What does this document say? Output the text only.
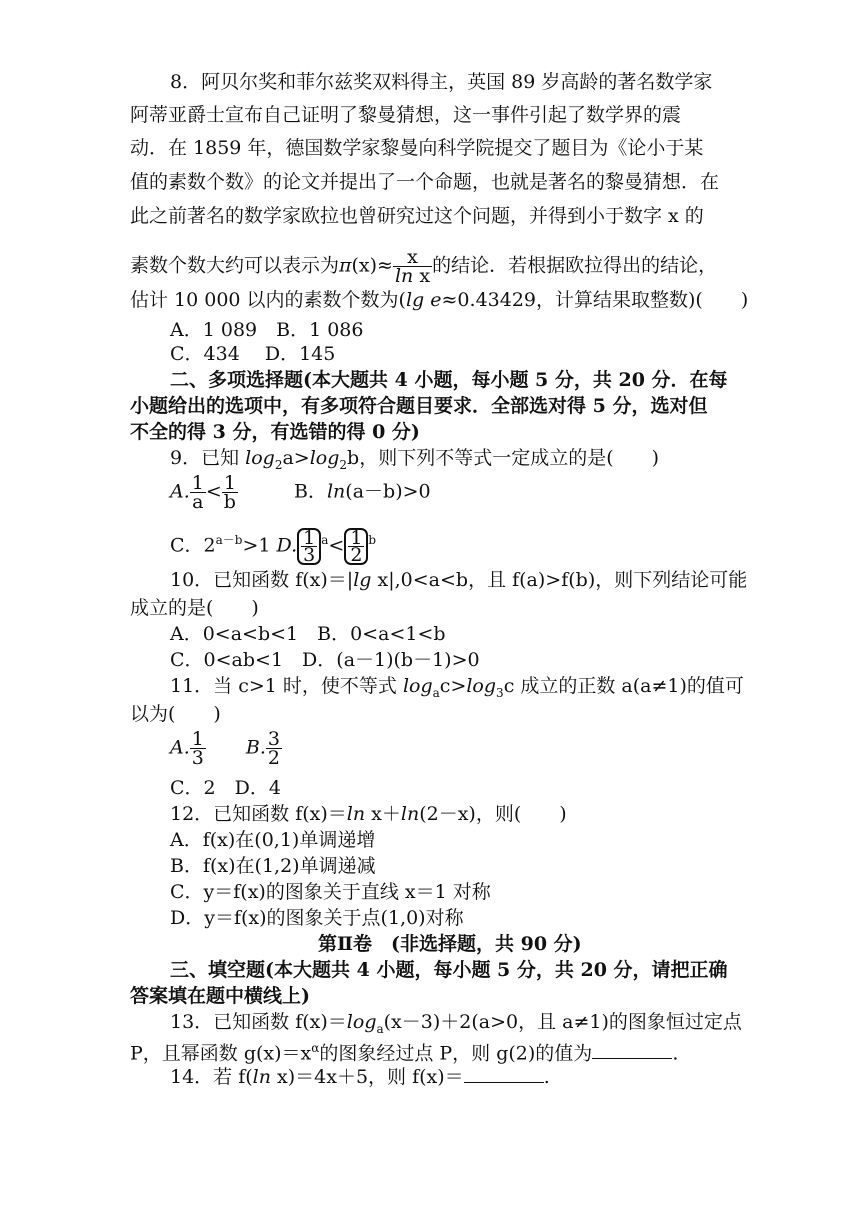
8．阿贝尔奖和菲尔兹奖双料得主，英国 89 岁高龄的著名数学家
阿蒂亚爵士宣布自己证明了黎曼猜想，这一事件引起了数学界的震
动．在 1859 年，德国数学家黎曼向科学院提交了题目为《论小于某
值的素数个数》的论文并提出了一个命题，也就是著名的黎曼猜想．在
此之前著名的数学家欧拉也曾研究过这个问题，并得到小于数字 x 的
素数个数大约可以表示为$\pi(x)\approx \frac{x}{\text{ln x}}$ 的结论．若根据欧拉得出的结论，
估计 10 000 以内的素数个数为(lg e≈0.43429，计算结果取整数)(　　)
A．1 089　B．1 086
C．434　 D．145
二、多项选择题(本大题共 4 小题，每小题 5 分，共 20 分．在每
小题给出的选项中，有多项符合题目要求．全部选对得 5 分，选对但
不全的得 3 分，有选错的得 0 分)
9．已知 $\log_2a>\log_2b$，则下列不等式一定成立的是(　　)
A. $\frac{1}{a} < \frac{1}{b}$	B．ln(a－b)>0
C．$2^{a-b}>1$ D. $\frac{1}{3} ^a< \frac{1}{2} ^b$
10．已知函数 f(x)＝|lg x|,0<a<b，且 f(a)>f(b)，则下列结论可能
成立的是(　　)
A．0<a<b<1　B．0<a<1<b
C．0<ab<1　D．(a－1)(b－1)>0
11．当 c>1 时，使不等式 $\log_ac>\log_3c$ 成立的正数 a(a≠1)的值可
以为(　　)
A. $\frac{1}{3} B$. $\frac{3}{2}$
C．2　D．4
12．已知函数 f(x)＝ln x＋ln(2－x)，则(　　)
A．f(x)在(0,1)单调递增
B．f(x)在(1,2)单调递减
C．y＝f(x)的图象关于直线 x＝1 对称
D．y＝f(x)的图象关于点(1,0)对称
第Ⅱ卷　(非选择题，共 90 分)
三、填空题(本大题共 4 小题，每小题 5 分，共 20 分，请把正确
答案填在题中横线上)
13．已知函数 $f(x)=\log_a(x-3)+2(a>0$，且 a≠1)的图象恒过定点
P，且幂函数 $g(x)=x^\alpha$的图象经过点 P，则 g(2)的值为	.
14．若 f(ln x)＝4x＋5，则 f(x)＝	.
